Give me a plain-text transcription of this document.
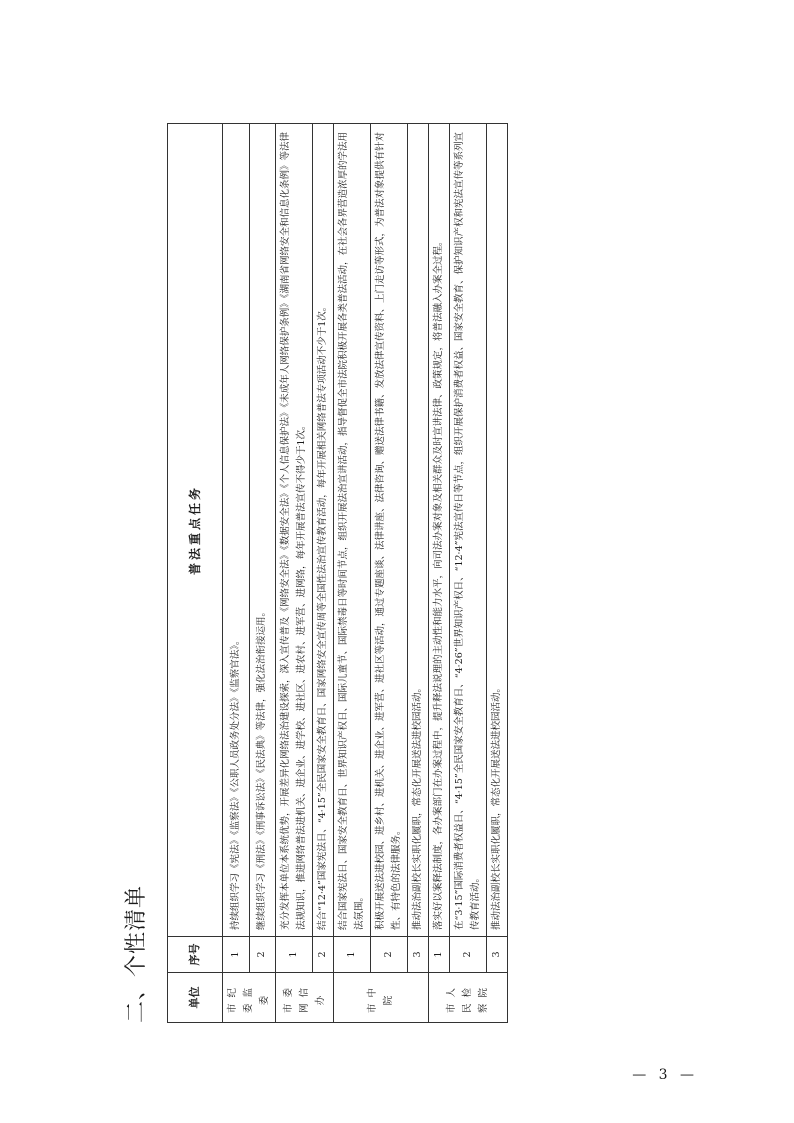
二、个性清单	单位	序号	普法重点任务
市纪委监委	1	持续组织学习《宪法》《监察法》《公职人员政务处分法》《监察官法》。
	2	继续组织学习《刑法》《刑事诉讼法》《民法典》等法律，强化法治衔接运用。
市委网信办	1	充分发挥本单位本系统优势，开展差异化网络法治建设探索，深入宣传普及《网络安全法》《数据安全法》《个人信息保护法》《未成年人网络保护条例》《湖南省网络安全和信息化条例》等法律法规知识，推进网络普法进机关、进企业、进学校、进社区、进农村、进军营、进网络，每年开展普法宣传不得少于1次。
	2	结合“12·4”国家宪法日、“4·15”全民国家安全教育日、国家网络安全宣传周等全国性法治宣传教育活动，每年开展相关网络普法专项活动不少于1次。
市中院	1	结合国家宪法日、国家安全教育日、世界知识产权日、国际儿童节、国际禁毒日等时间节点，组织开展法治宣讲活动，指导督促全市法院积极开展各类普法活动，在社会各界营造浓厚的学法用法氛围。
	2	积极开展送法进校园、进乡村、进机关、进企业、进军营、进社区等活动，通过专题座谈、法律讲座、法律咨询、赠送法律书籍、发放法律宣传资料、上门走访等形式，为普法对象提供有针对性、有特色的法律服务。
	3	推动法治副校长实职化履职，常态化开展送法进校园活动。
市人民检察院	1	落实好以案释法制度，各办案部门在办案过程中，提升释法说理的主动性和能力水平，向司法办案对象及相关群众及时宣讲法律、政策规定，将普法融入办案全过程。
	2	在“3·15”国际消费者权益日、“4·15”全民国家安全教育日、“4·26”世界知识产权日、“12·4”宪法宣传日等节点，组织开展保护消费者权益、国家安全教育、保护知识产权和宪法宣传等系列宣传教育活动。
	3	推动法治副校长实职化履职，常态化开展送法进校园活动。
— 3 —
